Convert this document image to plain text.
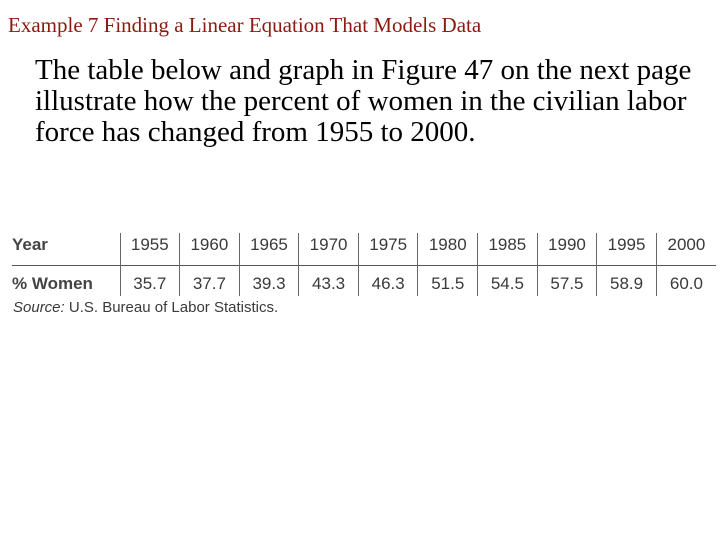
Example 7 Finding a Linear Equation That Models Data
The table below and graph in Figure 47 on the next page illustrate how the percent of women in the civilian labor force has changed from 1955 to 2000.
Year	1955	1960	1965	1970	1975	1980	1985	1990	1995	2000
% Women	35.7	37.7	39.3	43.3	46.3	51.5	54.5	57.5	58.9	60.0
Source: U.S. Bureau of Labor Statistics.
